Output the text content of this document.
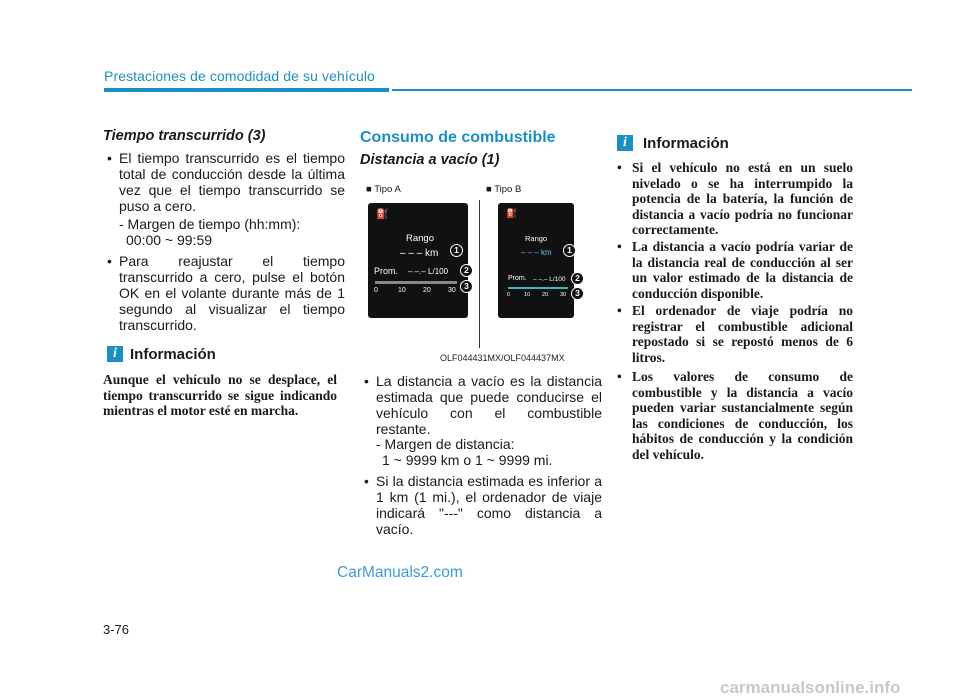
Prestaciones de comodidad de su vehículo
Tiempo transcurrido (3)
• El tiempo transcurrido es el tiempo total de conducción desde la última vez que el tiempo transcurrido se puso a cero.
- Margen de tiempo (hh:mm):
00:00 ~ 99:59
• Para reajustar el tiempo transcurrido a cero, pulse el botón OK en el volante durante más de 1 segundo al visualizar el tiempo transcurrido.
i Información
Aunque el vehículo no se desplace, el tiempo transcurrido se sigue indicando mientras el motor esté en marcha.
Consumo de combustible
Distancia a vacío (1)
■ Tipo A	■ Tipo B
⛽
Rango
– – – km
Prom. – –.– L/100
0	10 20 30
1
2
3
⛽
Rango
– – – km
Prom. – –.– L/100
0	10 20 30
1
2
3
OLF044431MX/OLF044437MX
• La distancia a vacío es la distancia estimada que puede conducirse el vehículo con el combustible restante.
- Margen de distancia:
1 ~ 9999 km o 1 ~ 9999 mi.
• Si la distancia estimada es inferior a 1 km (1 mi.), el ordenador de viaje indicará "---" como distancia a vacío.
i	Información
• Si el vehículo no está en un suelo nivelado o se ha interrumpido la potencia de la batería, la función de distancia a vacío podría no funcionar correctamente.
• La distancia a vacío podría variar de la distancia real de conducción al ser un valor estimado de la distancia de conducción disponible.
• El ordenador de viaje podría no registrar el combustible adicional repostado si se repostó menos de 6 litros.
• Los valores de consumo de combustible y la distancia a vacío pueden variar sustancialmente según las condiciones de conducción, los hábitos de conducción y la condición del vehículo.
CarManuals2.com
3-76
carmanualsonline.info
